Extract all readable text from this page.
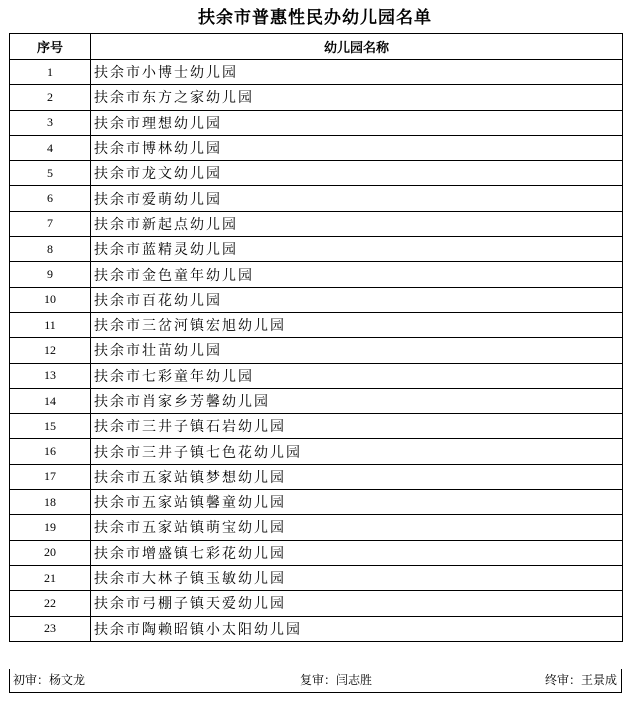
扶余市普惠性民办幼儿园名单
序号	幼儿园名称
1	扶余市小博士幼儿园
2	扶余市东方之家幼儿园
3	扶余市理想幼儿园
4	扶余市博林幼儿园
5	扶余市龙文幼儿园
6	扶余市爱萌幼儿园
7	扶余市新起点幼儿园
8	扶余市蓝精灵幼儿园
9	扶余市金色童年幼儿园
10	扶余市百花幼儿园
11	扶余市三岔河镇宏旭幼儿园
12	扶余市壮苗幼儿园
13	扶余市七彩童年幼儿园
14	扶余市肖家乡芳馨幼儿园
15	扶余市三井子镇石岩幼儿园
16	扶余市三井子镇七色花幼儿园
17	扶余市五家站镇梦想幼儿园
18	扶余市五家站镇馨童幼儿园
19	扶余市五家站镇萌宝幼儿园
20	扶余市增盛镇七彩花幼儿园
21	扶余市大林子镇玉敏幼儿园
22	扶余市弓棚子镇天爱幼儿园
23	扶余市陶赖昭镇小太阳幼儿园
初审：杨文龙	复审：闫志胜	终审：王景成
